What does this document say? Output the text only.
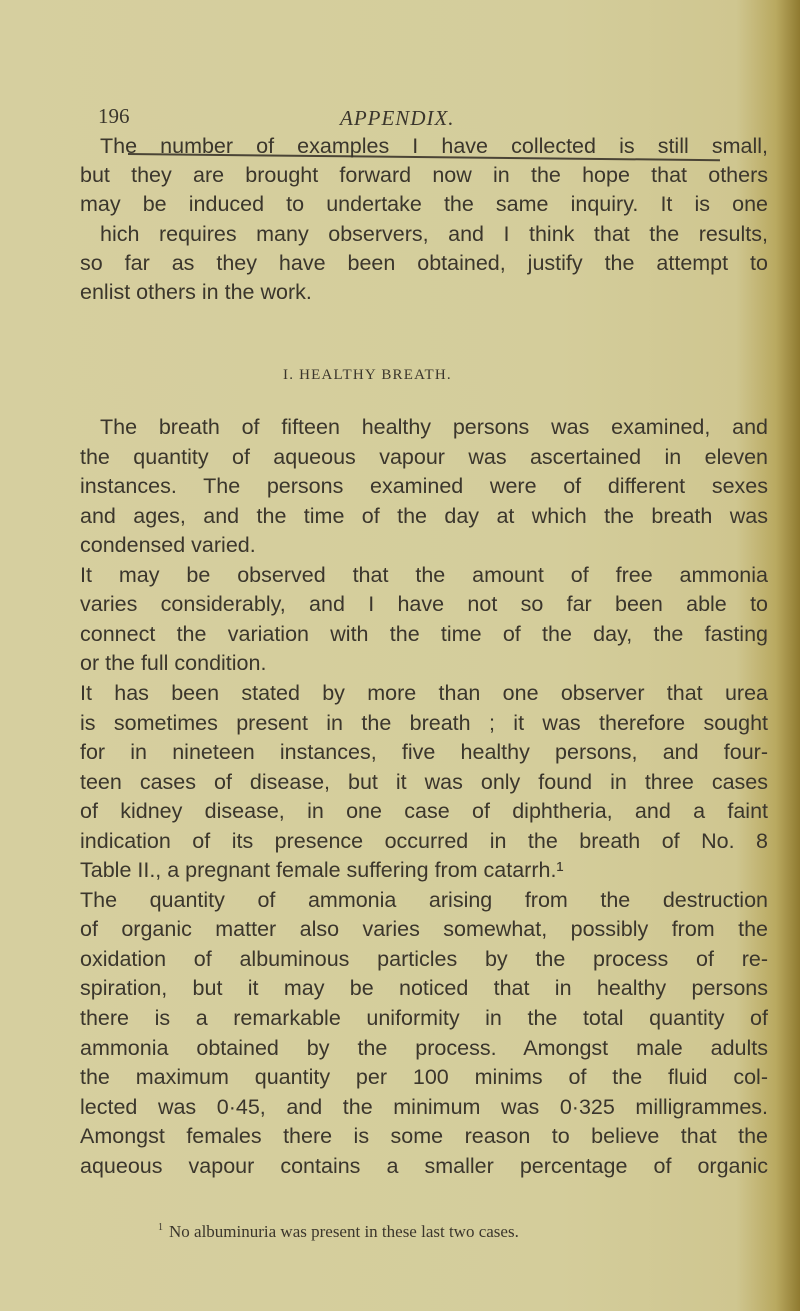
196	APPENDIX.
The number of examples I have collected is still small,
but they are brought forward now in the hope that others
may be induced to undertake the same inquiry. It is one
hich requires many observers, and I think that the results,
so far as they have been obtained, justify the attempt to
enlist others in the work.
I. HEALTHY BREATH.
The breath of fifteen healthy persons was examined, and
the quantity of aqueous vapour was ascertained in eleven
instances. The persons examined were of different sexes
and ages, and the time of the day at which the breath was
condensed varied.
It may be observed that the amount of free ammonia
varies considerably, and I have not so far been able to
connect the variation with the time of the day, the fasting
or the full condition.
It has been stated by more than one observer that urea
is sometimes present in the breath ; it was therefore sought
for in nineteen instances, five healthy persons, and four-
teen cases of disease, but it was only found in three cases
of kidney disease, in one case of diphtheria, and a faint
indication of its presence occurred in the breath of No. 8
Table II., a pregnant female suffering from catarrh.¹
The quantity of ammonia arising from the destruction
of organic matter also varies somewhat, possibly from the
oxidation of albuminous particles by the process of re-
spiration, but it may be noticed that in healthy persons
there is a remarkable uniformity in the total quantity of
ammonia obtained by the process. Amongst male adults
the maximum quantity per 100 minims of the fluid col-
lected was 0·45, and the minimum was 0·325 milligrammes.
Amongst females there is some reason to believe that the
aqueous vapour contains a smaller percentage of organic
$^1$ No albuminuria was present in these last two cases.
